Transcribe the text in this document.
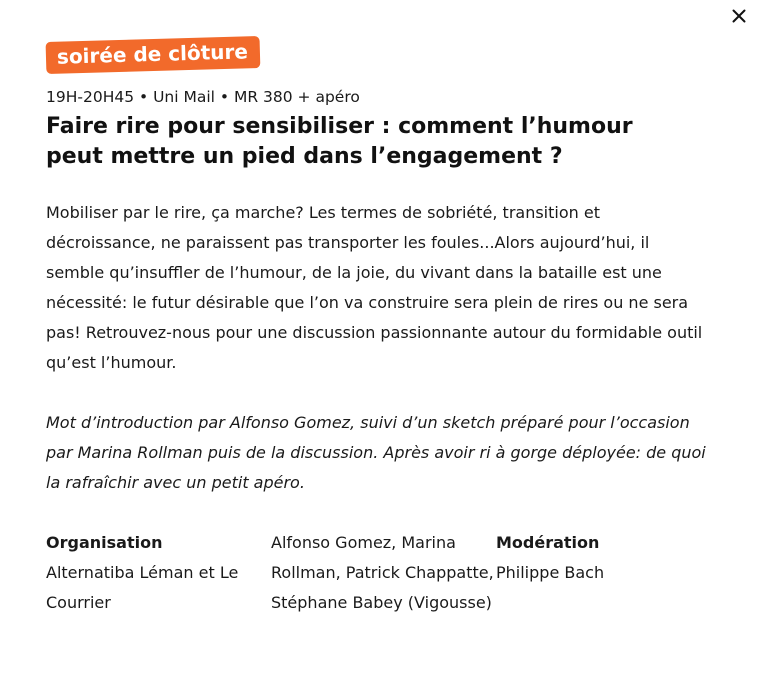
soirée de clôture
19H-20H45 • Uni Mail • MR 380 + apéro
Faire rire pour sensibiliser : comment l’humour peut mettre un pied dans l’engagement ?

Mobiliser par le rire, ça marche? Les termes de sobriété, transition et décroissance, ne paraissent pas transporter les foules...Alors aujourd’hui, il semble qu’insuffler de l’humour, de la joie, du vivant dans la bataille est une nécessité: le futur désirable que l’on va construire sera plein de rires ou ne sera pas! Retrouvez-nous pour une discussion passionnante autour du formidable outil qu’est l’humour.

Mot d’introduction par Alfonso Gomez, suivi d’un sketch préparé pour l’occasion par Marina Rollman puis de la discussion. Après avoir ri à gorge déployée: de quoi la rafraîchir avec un petit apéro.

Organisation
Alternatiba Léman et Le Courrier
Alfonso Gomez, Marina Rollman, Patrick Chappatte, Stéphane Babey (Vigousse)
Modération
Philippe Bach
